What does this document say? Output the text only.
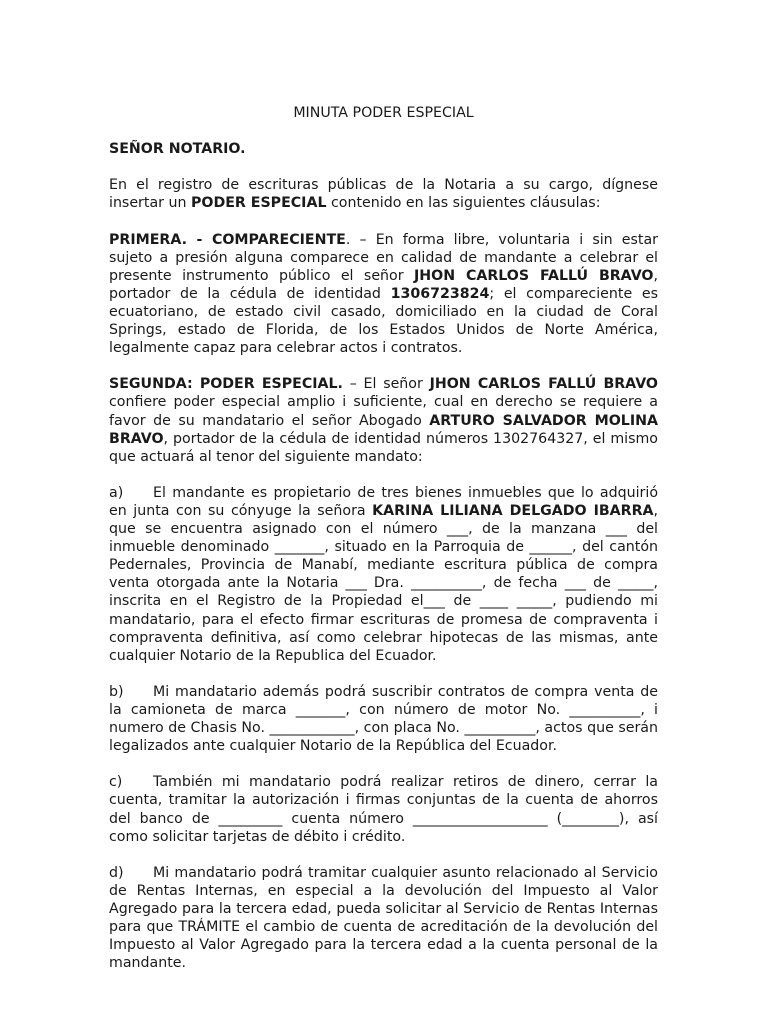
MINUTA PODER ESPECIAL
SEÑOR NOTARIO.
En el registro de escrituras públicas de la Notaria a su cargo, dígnese insertar un PODER ESPECIAL contenido en las siguientes cláusulas:
PRIMERA. - COMPARECIENTE. – En forma libre, voluntaria i sin estar sujeto a presión alguna comparece en calidad de mandante a celebrar el presente instrumento público el señor JHON CARLOS FALLÚ BRAVO, portador de la cédula de identidad 1306723824; el compareciente es ecuatoriano, de estado civil casado, domiciliado en la ciudad de Coral Springs, estado de Florida, de los Estados Unidos de Norte América, legalmente capaz para celebrar actos i contratos.
SEGUNDA: PODER ESPECIAL. – El señor JHON CARLOS FALLÚ BRAVO confiere poder especial amplio i suficiente, cual en derecho se requiere a favor de su mandatario el señor Abogado ARTURO SALVADOR MOLINA BRAVO, portador de la cédula de identidad números 1302764327, el mismo que actuará al tenor del siguiente mandato:
a) El mandante es propietario de tres bienes inmuebles que lo adquirió en junta con su cónyuge la señora KARINA LILIANA DELGADO IBARRA, que se encuentra asignado con el número ___, de la manzana ___ del inmueble denominado _______, situado en la Parroquia de ______, del cantón Pedernales, Provincia de Manabí, mediante escritura pública de compra venta otorgada ante la Notaria ___ Dra. __________, de fecha ___ de _____, inscrita en el Registro de la Propiedad el___ de ____ _____, pudiendo mi mandatario, para el efecto firmar escrituras de promesa de compraventa i compraventa definitiva, así como celebrar hipotecas de las mismas, ante cualquier Notario de la Republica del Ecuador.
b) Mi mandatario además podrá suscribir contratos de compra venta de la camioneta de marca _______, con número de motor No. __________, i numero de Chasis No. ____________, con placa No. __________, actos que serán legalizados ante cualquier Notario de la República del Ecuador.
c) También mi mandatario podrá realizar retiros de dinero, cerrar la cuenta, tramitar la autorización i firmas conjuntas de la cuenta de ahorros del banco de _________ cuenta número ___________________ (________), así como solicitar tarjetas de débito i crédito.
d) Mi mandatario podrá tramitar cualquier asunto relacionado al Servicio de Rentas Internas, en especial a la devolución del Impuesto al Valor Agregado para la tercera edad, pueda solicitar al Servicio de Rentas Internas para que TRÁMITE el cambio de cuenta de acreditación de la devolución del Impuesto al Valor Agregado para la tercera edad a la cuenta personal de la mandante.
